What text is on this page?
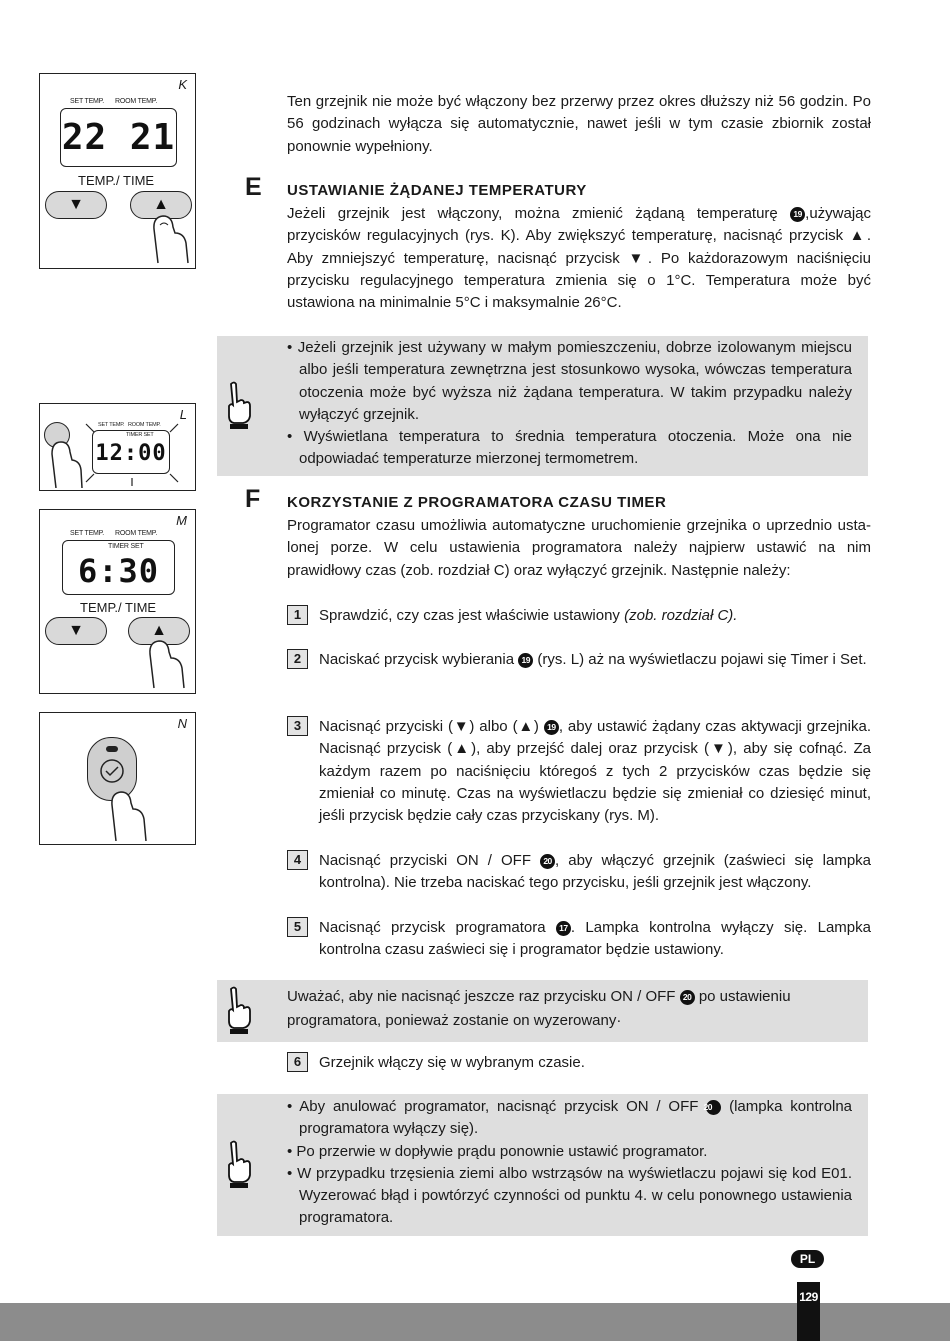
K
SET TEMP. ROOM TEMP.
22 21
TEMP./ TIME
▼	▲
L
SET TEMP. ROOM TEMP.
TIMER SET
12:00
M
SET TEMP. ROOM TEMP.
TIMER SET
6:30
TEMP./ TIME
▼	▲
N

Ten grzejnik nie może być włączony bez przerwy przez okres dłuższy niż 56 godzin. Po 56 godzinach wyłącza się automatycznie, nawet jeśli w tym czasie zbiornik został ponownie wypełniony.

E USTAWIANIE ŻĄDANEJ TEMPERATURY

Jeżeli grzejnik jest włączony, można zmienić żądaną temperaturę 19 ,używając przycisków regulacyjnych (rys. K). Aby zwiększyć temperaturę, nacisnąć przycisk ▲. Aby zmniejszyć temperaturę, nacisnąć przycisk ▼. Po każdorazowym naciśnięciu przycisku regulacyjnego temperatura zmienia się o 1°C. Temperatura może być ustawiona na minimalnie 5°C i maksymalnie 26°C.

• Jeżeli grzejnik jest używany w małym pomieszczeniu, dobrze izolowanym miejscu albo jeśli temperatura zewnętrzna jest stosunkowo wysoka, wówczas temperatura otoczenia może być wyższa niż żądana temperatura. W takim przypadku należy wyłączyć grzejnik.
• Wyświetlana temperatura to średnia temperatura otoczenia. Może ona nie odpowiadać temperaturze mierzonej termometrem.
F KORZYSTANIE Z PROGRAMATORA CZASU TIMER

Programator czasu umożliwia automatyczne uruchomienie grzejnika o uprzednio usta-lonej porze. W celu ustawienia programatora należy najpierw ustawić na nim prawidłowy czas (zob. rozdział C) oraz wyłączyć grzejnik. Następnie należy:

1	Sprawdzić, czy czas jest właściwie ustawiony (zob. rozdział C).

2	Naciskać przycisk wybierania 19 (rys. L) aż na wyświetlaczu pojawi się Timer i Set.

3	Nacisnąć przyciski (▼) albo (▲) 19 , aby ustawić żądany czas aktywacji grzejnika. Nacisnąć przycisk (▲), aby przejść dalej oraz przycisk (▼), aby się cofnąć. Za każdym razem po naciśnięciu któregoś z tych 2 przycisków czas będzie się zmieniał co minutę. Czas na wyświetlaczu będzie się zmieniał co dziesięć minut, jeśli przycisk będzie cały czas przyciskany (rys. M).

4	Nacisnąć przyciski ON / OFF 20 , aby włączyć grzejnik (zaświeci się lampka kontrolna). Nie trzeba naciskać tego przycisku, jeśli grzejnik jest włączony.

5	Nacisnąć przycisk programatora 17 . Lampka kontrolna wyłączy się. Lampka kontrolna czasu zaświeci się i programator będzie ustawiony.

Uważać, aby nie nacisnąć jeszcze raz przycisku ON / OFF 20 po ustawieniu programatora, ponieważ zostanie on wyzerowany·

6	Grzejnik włączy się w wybranym czasie.

• Aby anulować programator, nacisnąć przycisk ON / OFF 20 (lampka kontrolna programatora wyłączy się).
• Po przerwie w dopływie prądu ponownie ustawić programator.
• W przypadku trzęsienia ziemi albo wstrząsów na wyświetlaczu pojawi się kod E01. Wyzerować błąd i powtórzyć czynności od punktu 4. w celu ponownego ustawienia programatora.
PL
129
